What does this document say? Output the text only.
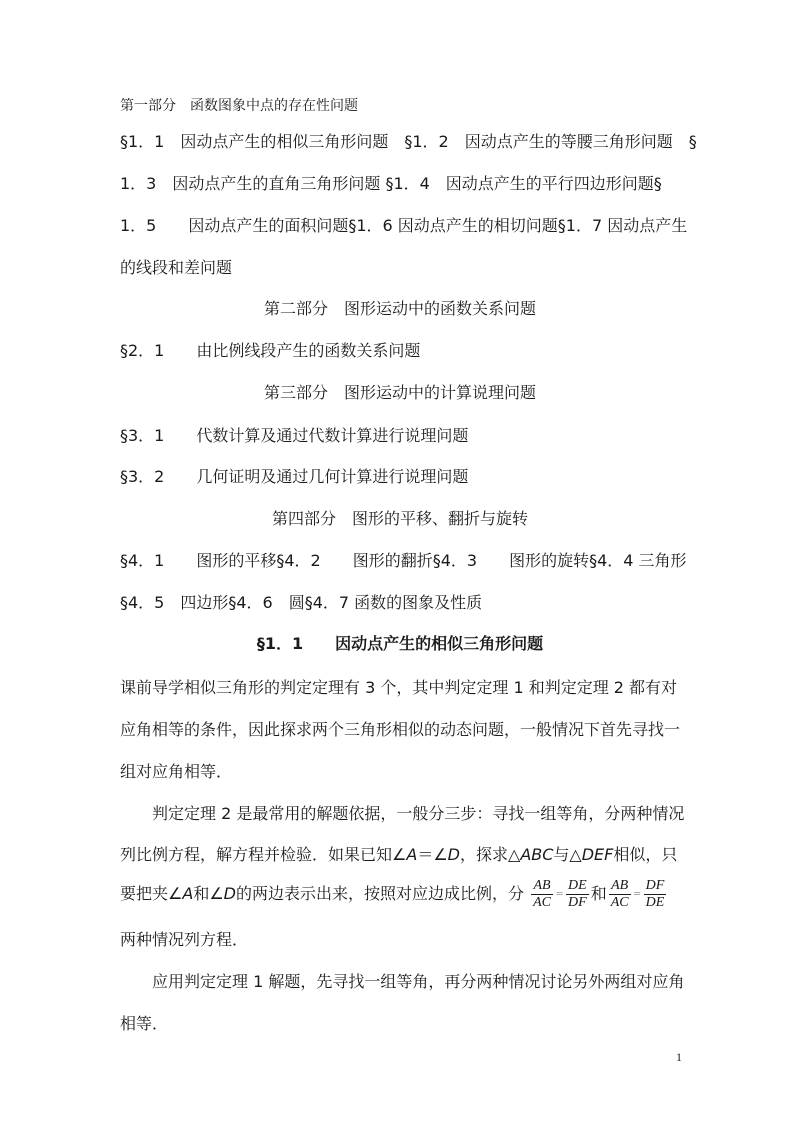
第一部分　函数图象中点的存在性问题
§1．1　因动点产生的相似三角形问题　§1．2　因动点产生的等腰三角形问题　§
1．3　因动点产生的直角三角形问题 §1．4　因动点产生的平行四边形问题§
1．5　　因动点产生的面积问题§1．6 因动点产生的相切问题§1．7 因动点产生
的线段和差问题
第二部分　图形运动中的函数关系问题
§2．1　　由比例线段产生的函数关系问题
第三部分　图形运动中的计算说理问题
§3．1　　代数计算及通过代数计算进行说理问题
§3．2　　几何证明及通过几何计算进行说理问题
第四部分　图形的平移、翻折与旋转
§4．1　　图形的平移§4．2　　图形的翻折§4．3　　图形的旋转§4．4 三角形
§4．5　四边形§4．6　圆§4．7 函数的图象及性质
§1．1　　因动点产生的相似三角形问题
课前导学相似三角形的判定定理有 3 个，其中判定定理 1 和判定定理 2 都有对
应角相等的条件，因此探求两个三角形相似的动态问题，一般情况下首先寻找一
组对应角相等．
判定定理 2 是最常用的解题依据，一般分三步：寻找一组等角，分两种情况
列比例方程，解方程并检验．如果已知∠A＝∠D，探求△ABC与△DEF相似，只
要把夹∠A和∠D的两边表示出来，按照对应边成比例，分 $\frac{AB}{AC} = \frac{DE}{DF}$ 和 $\frac{AB}{AC} = \frac{DF}{DE}$
两种情况列方程．
应用判定定理 1 解题，先寻找一组等角，再分两种情况讨论另外两组对应角
相等．
1
